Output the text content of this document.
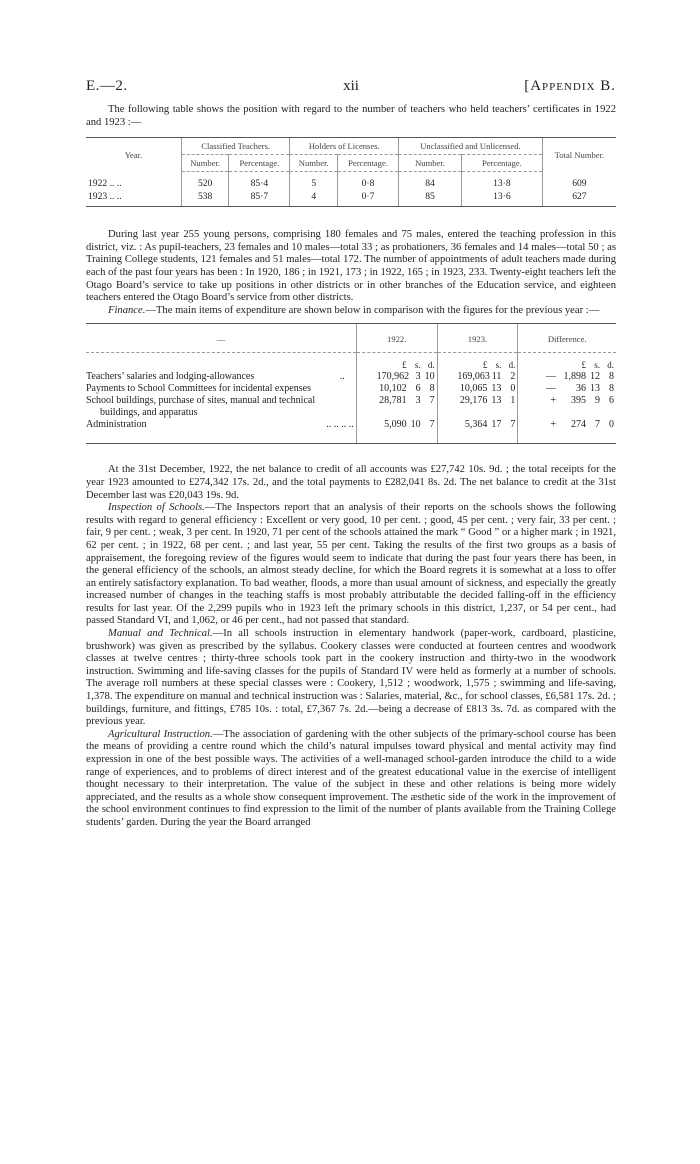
E.—2.	xii	[Appendix B.

The following table shows the position with regard to the number of teachers who held teachers’ certificates in 1922 and 1923 :—

Year.	Classified Teachers.		Holders of Licenses.		Unclassified and Unlicensed.		Total Number.
	Number.	Percentage.	Number.	Percentage.	Number.	Percentage.	
1922 .. ..	520	85·4	5	0·8	84	13·8	609
1923 .. ..	538	85·7	4	0·7	85	13·6	627

During last year 255 young persons, comprising 180 females and 75 males, entered the teaching profession in this district, viz. : As pupil-teachers, 23 females and 10 males—total 33 ; as probationers, 36 females and 14 males—total 50 ; as Training College students, 121 females and 51 males—total 172. The number of appointments of adult teachers made during each of the past four years has been : In 1920, 186 ; in 1921, 173 ; in 1922, 165 ; in 1923, 233. Twenty-eight teachers left the Otago Board’s service to take up positions in other districts or in other branches of the Education service, and eighteen teachers entered the Otago Board’s service from other districts.

Finance.—The main items of expenditure are shown below in comparison with the figures for the previous year :—

—	1922.	1923.	Difference.
	£ s. d.	£ s. d.	£ s. d.

Teachers’ salaries and lodging-allowances ..	170,962 3 10	169,063 11 2	— 1,898 12 8

Payments to School Committees for incidental expenses	10,102 6 8	10,065 13 0	— 36 13 8

School buildings, purchase of sites, manual and technical buildings, and apparatus	28,781 3 7	29,176 13 1	+ 395 9 6

Administration .. .. .. ..	5,090 10 7	5,364 17 7	+ 274 7 0

At the 31st December, 1922, the net balance to credit of all accounts was £27,742 10s. 9d. ; the total receipts for the year 1923 amounted to £274,342 17s. 2d., and the total payments to £282,041 8s. 2d. The net balance to credit at the 31st December last was £20,043 19s. 9d.

Inspection of Schools.—The Inspectors report that an analysis of their reports on the schools shows the following results with regard to general efficiency : Excellent or very good, 10 per cent. ; good, 45 per cent. ; very fair, 33 per cent. ; fair, 9 per cent. ; weak, 3 per cent. In 1920, 71 per cent of the schools attained the mark “ Good ” or a higher mark ; in 1921, 62 per cent. ; in 1922, 68 per cent. ; and last year, 55 per cent. Taking the results of the first two groups as a basis of appraisement, the foregoing review of the figures would seem to indicate that during the past four years there has been, in the general efficiency of the schools, an almost steady decline, for which the Board regrets it is somewhat at a loss to offer an entirely satisfactory explanation. To bad weather, floods, a more than usual amount of sickness, and especially the greatly increased number of changes in the teaching staffs is most probably attributable the decided falling-off in the efficiency results for last year. Of the 2,299 pupils who in 1923 left the primary schools in this district, 1,237, or 54 per cent., had passed Standard VI, and 1,062, or 46 per cent., had not passed that standard.

Manual and Technical.—In all schools instruction in elementary handwork (paper-work, cardboard, plasticine, brushwork) was given as prescribed by the syllabus. Cookery classes were conducted at fourteen centres and woodwork classes at twelve centres ; thirty-three schools took part in the cookery instruction and thirty-two in the woodwork instruction. Swimming and life-saving classes for the pupils of Standard IV were held as formerly at a number of schools. The average roll numbers at these special classes were : Cookery, 1,512 ; woodwork, 1,575 ; swimming and life-saving, 1,378. The expenditure on manual and technical instruction was : Salaries, material, &c., for school classes, £6,581 17s. 2d. ; buildings, furniture, and fittings, £785 10s. : total, £7,367 7s. 2d.—being a decrease of £813 3s. 7d. as compared with the previous year.

Agricultural Instruction.—The association of gardening with the other subjects of the primary-school course has been the means of providing a centre round which the child’s natural impulses toward physical and mental activity may find expression in one of the best possible ways. The activities of a well-managed school-garden introduce the child to a wide range of experiences, and to problems of direct interest and of the greatest educational value in the exercise of intelligent thought necessary to their interpretation. The value of the subject in these and other relations is being more widely appreciated, and the results as a whole show consequent improvement. The æsthetic side of the work in the improvement of the school environment continues to find expression to the limit of the number of plants available from the Training College students’ garden. During the year the Board arranged
